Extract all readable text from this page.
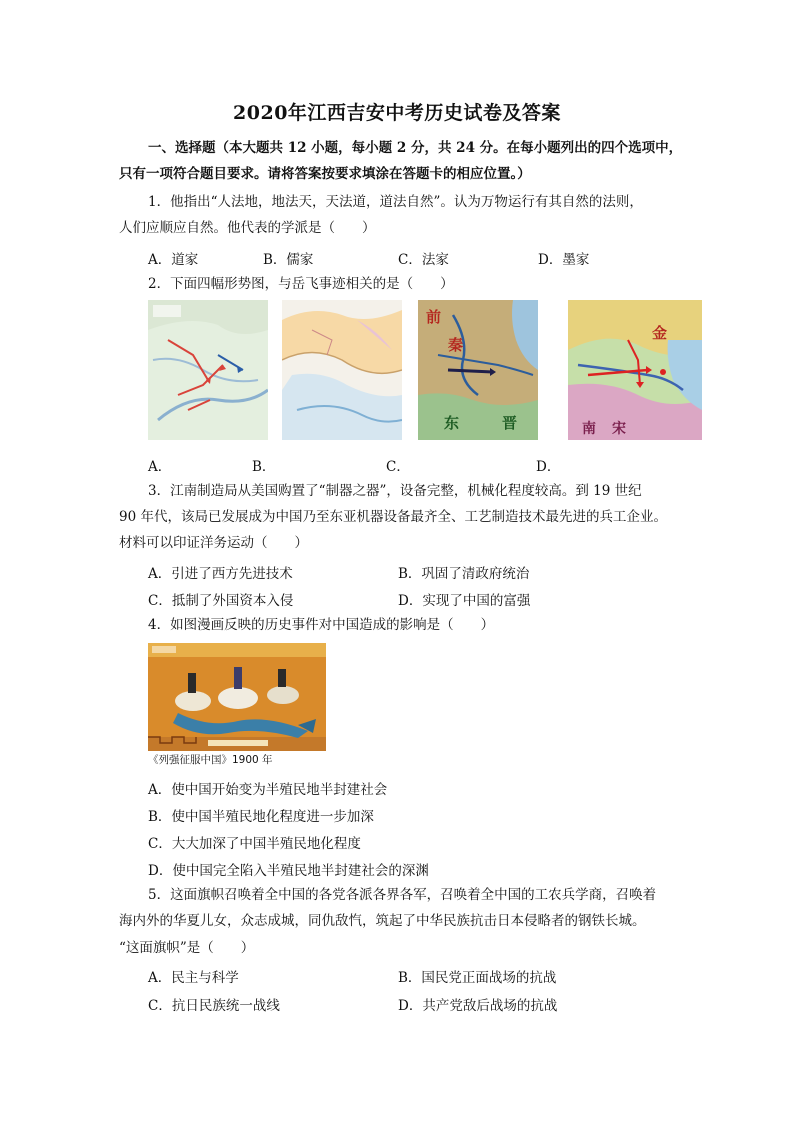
2020年江西吉安中考历史试卷及答案
一、选择题（本大题共 12 小题，每小题 2 分，共 24 分。在每小题列出的四个选项中，
只有一项符合题目要求。请将答案按要求填涂在答题卡的相应位置。）
1．他指出“人法地，地法天，天法道，道法自然”。认为万物运行有其自然的法则，
人们应顺应自然。他代表的学派是（　　）
A．道家	B．儒家	C．法家	D．墨家
2．下面四幅形势图，与岳飞事迹相关的是（　　）
前
秦
东	晋
金
南 宋
A．	B．	C．	D．
3．江南制造局从美国购置了“制器之器”，设备完整，机械化程度较高。到 19 世纪
90 年代，该局已发展成为中国乃至东亚机器设备最齐全、工艺制造技术最先进的兵工企业。
材料可以印证洋务运动（　　）
A．引进了西方先进技术	B．巩固了清政府统治
C．抵制了外国资本入侵	D．实现了中国的富强
4．如图漫画反映的历史事件对中国造成的影响是（　　）
《列强征服中国》1900 年
A．使中国开始变为半殖民地半封建社会
B．使中国半殖民地化程度进一步加深
C．大大加深了中国半殖民地化程度
D．使中国完全陷入半殖民地半封建社会的深渊
5．这面旗帜召唤着全中国的各党各派各界各军，召唤着全中国的工农兵学商，召唤着
海内外的华夏儿女，众志成城，同仇敌忾，筑起了中华民族抗击日本侵略者的钢铁长城。
“这面旗帜”是（　　）
A．民主与科学	B．国民党正面战场的抗战
C．抗日民族统一战线	D．共产党敌后战场的抗战
